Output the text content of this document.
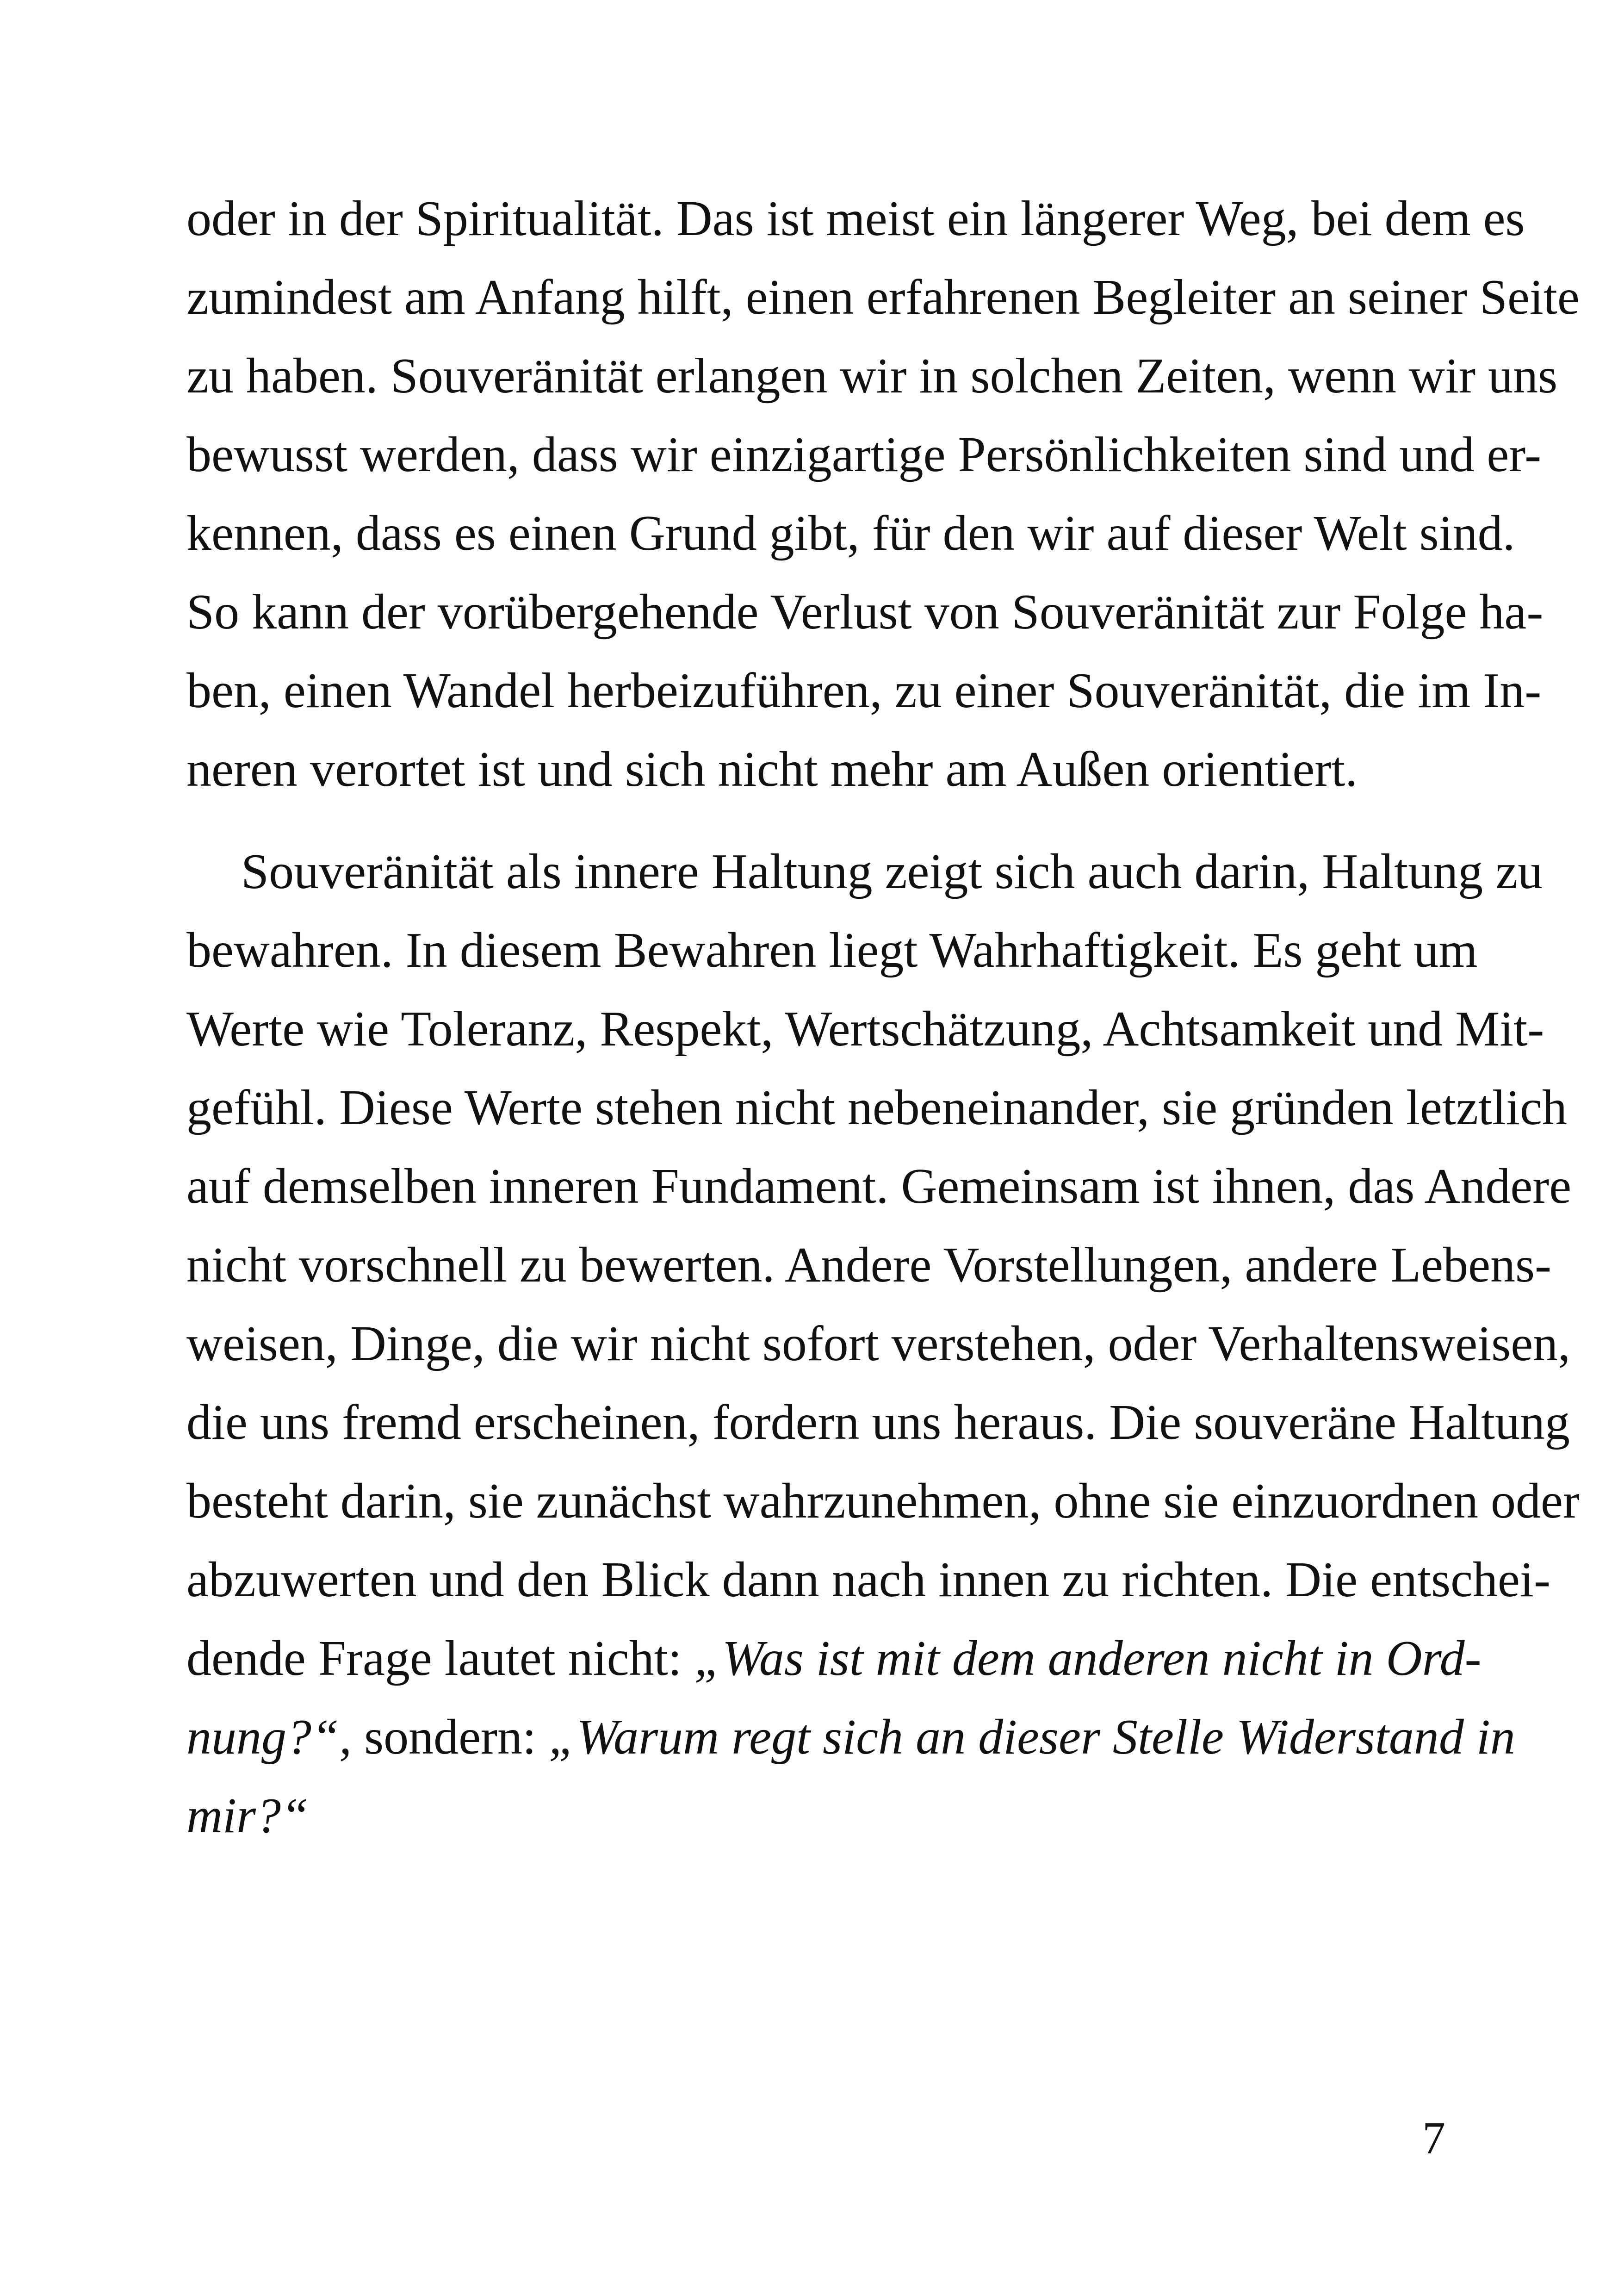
oder in der Spiritualität. Das ist meist ein längerer Weg, bei dem es
zumindest am Anfang hilft, einen erfahrenen Begleiter an seiner Seite
zu haben. Souveränität erlangen wir in solchen Zeiten, wenn wir uns
bewusst werden, dass wir einzigartige Persönlichkeiten sind und er-
kennen, dass es einen Grund gibt, für den wir auf dieser Welt sind.
So kann der vorübergehende Verlust von Souveränität zur Folge ha-
ben, einen Wandel herbeizuführen, zu einer Souveränität, die im In-
neren verortet ist und sich nicht mehr am Außen orientiert.
Souveränität als innere Haltung zeigt sich auch darin, Haltung zu
bewahren. In diesem Bewahren liegt Wahrhaftigkeit. Es geht um
Werte wie Toleranz, Respekt, Wertschätzung, Achtsamkeit und Mit-
gefühl. Diese Werte stehen nicht nebeneinander, sie gründen letztlich
auf demselben inneren Fundament. Gemeinsam ist ihnen, das Andere
nicht vorschnell zu bewerten. Andere Vorstellungen, andere Lebens-
weisen, Dinge, die wir nicht sofort verstehen, oder Verhaltensweisen,
die uns fremd erscheinen, fordern uns heraus. Die souveräne Haltung
besteht darin, sie zunächst wahrzunehmen, ohne sie einzuordnen oder
abzuwerten und den Blick dann nach innen zu richten. Die entschei-
dende Frage lautet nicht: „Was ist mit dem anderen nicht in Ord-
nung?“, sondern: „Warum regt sich an dieser Stelle Widerstand in
mir?“
7
